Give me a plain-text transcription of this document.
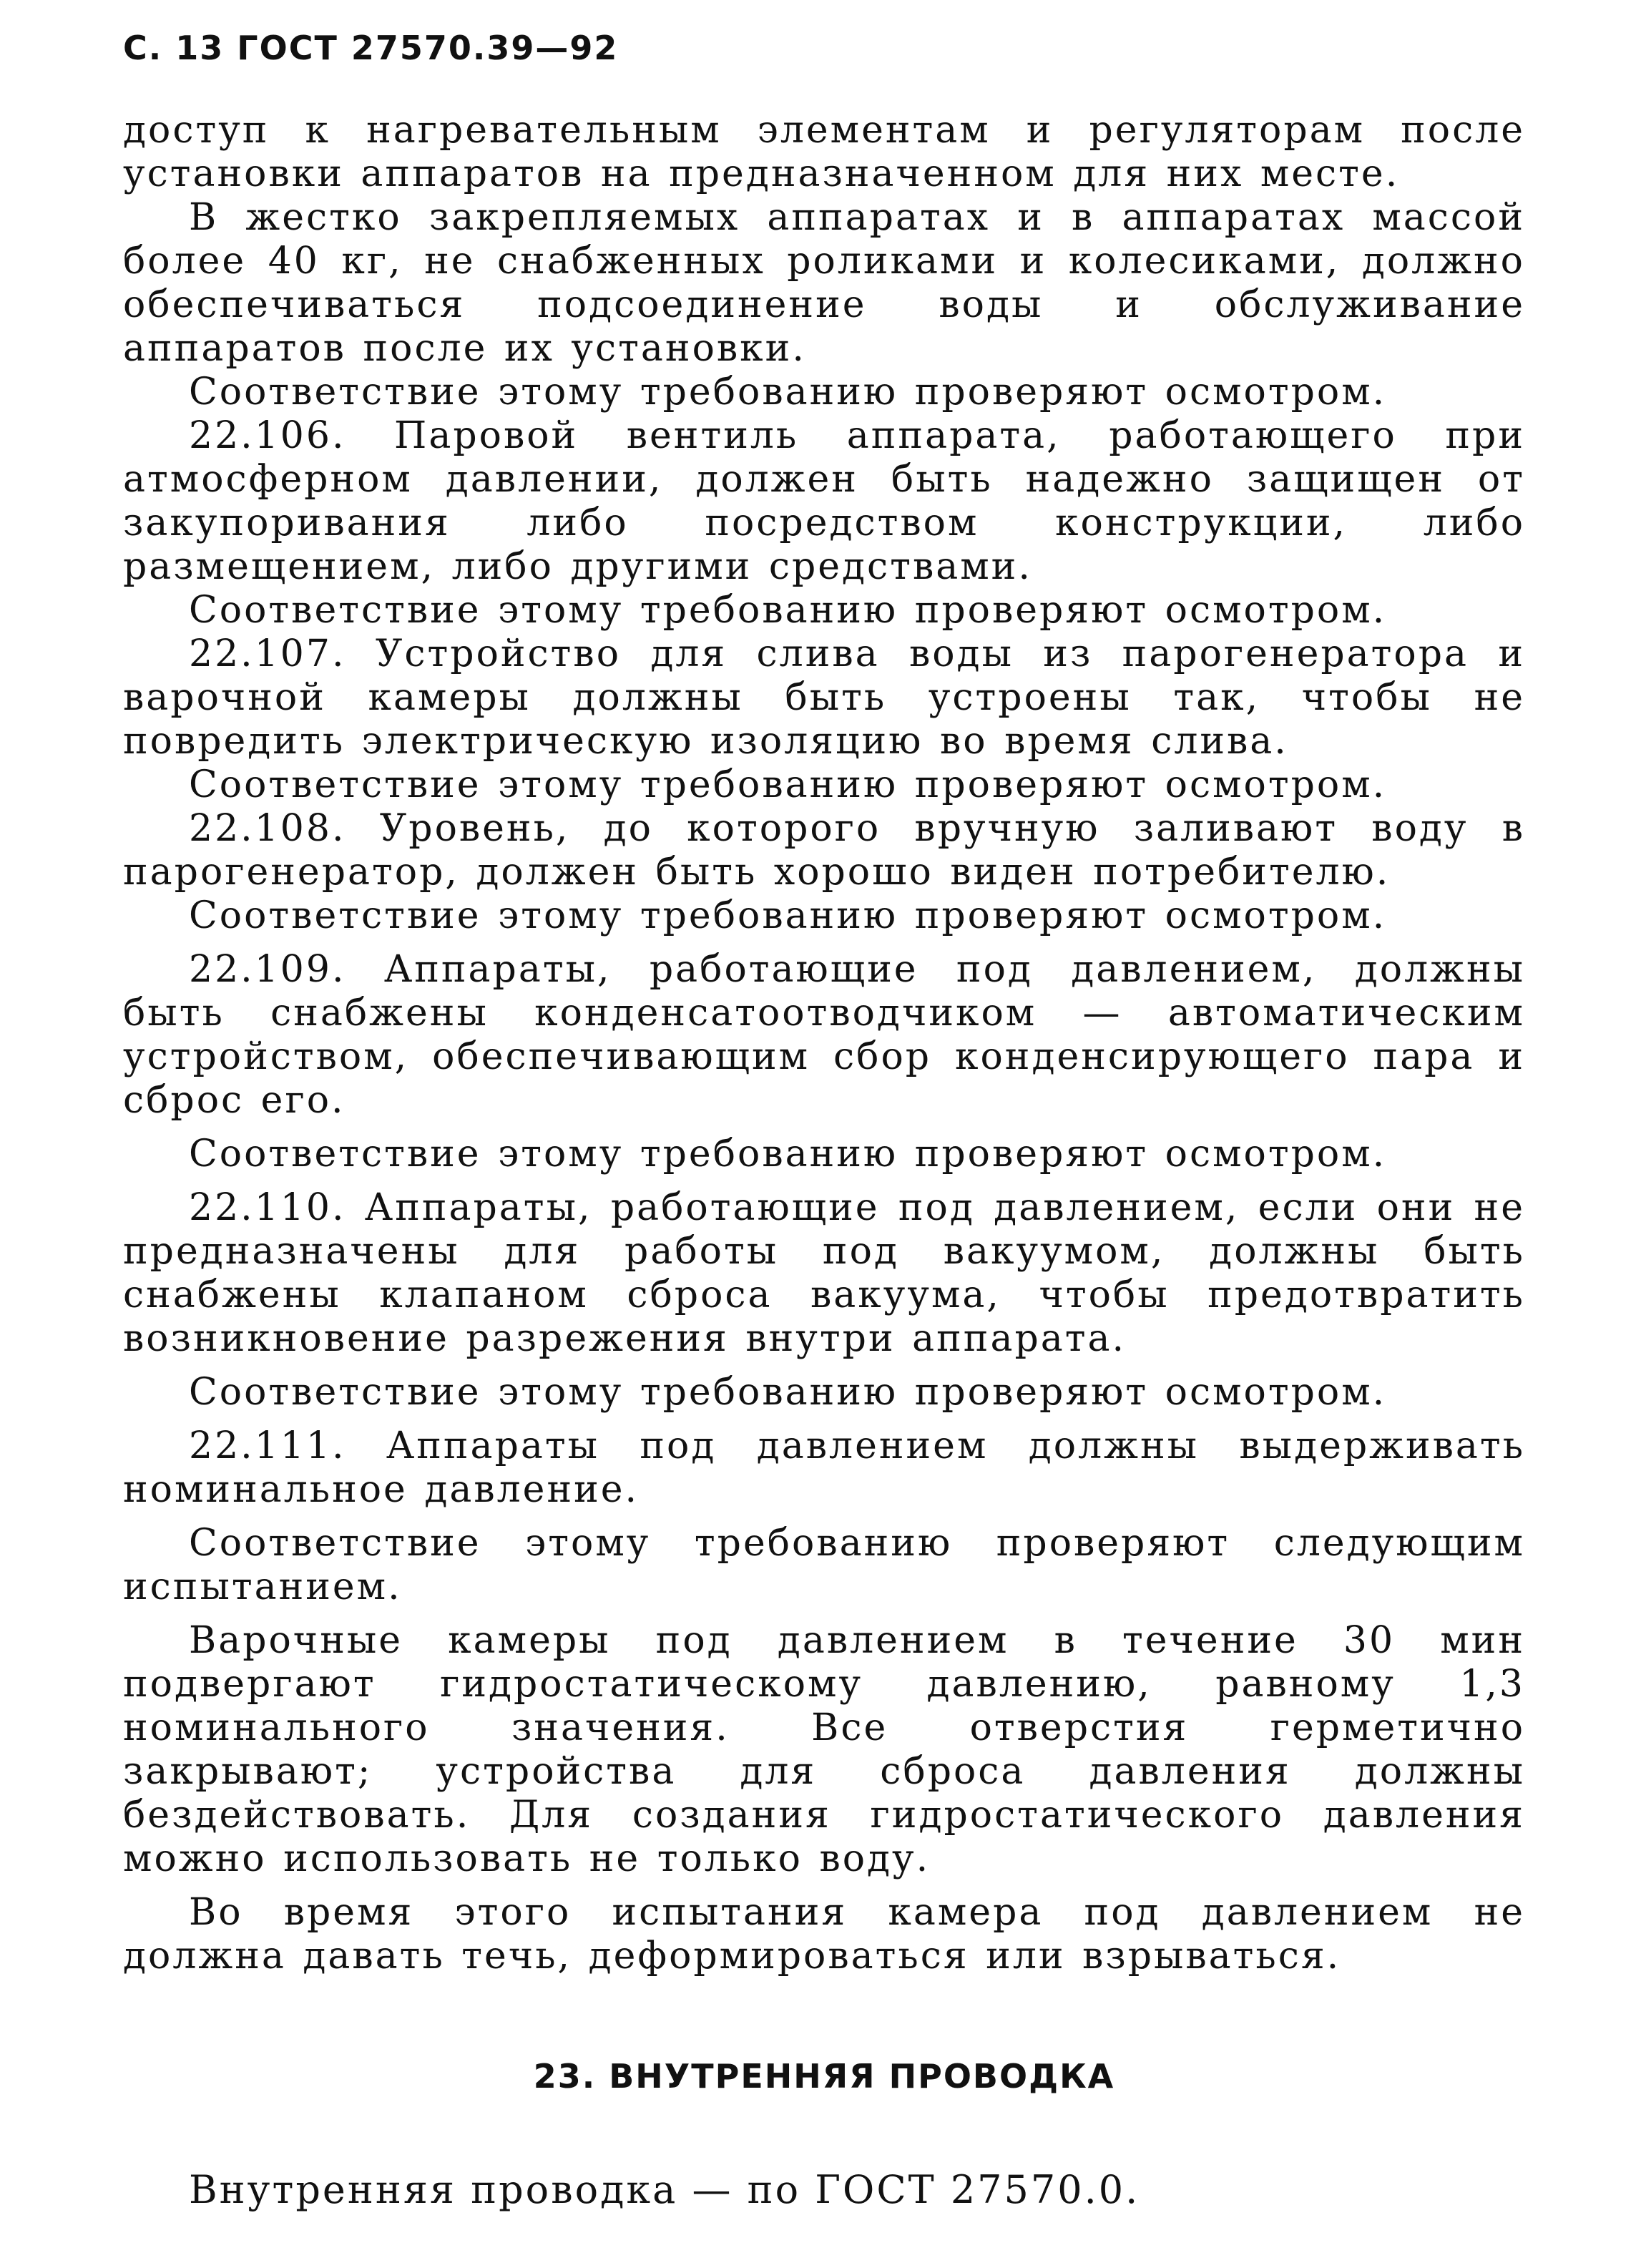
С. 13 ГОСТ 27570.39—92

доступ к нагревательным элементам и регуляторам после установки аппаратов на предназначенном для них месте.

В жестко закрепляемых аппаратах и в аппаратах массой более 40 кг, не снабженных роликами и колесиками, должно обеспечиваться подсоединение воды и обслуживание аппаратов после их установки.

Соответствие этому требованию проверяют осмотром.

22.106. Паровой вентиль аппарата, работающего при атмосферном давлении, должен быть надежно защищен от закупоривания либо посредством конструкции, либо размещением, либо другими средствами.

Соответствие этому требованию проверяют осмотром.

22.107. Устройство для слива воды из парогенератора и варочной камеры должны быть устроены так, чтобы не повредить электрическую изоляцию во время слива.

Соответствие этому требованию проверяют осмотром.

22.108. Уровень, до которого вручную заливают воду в парогенератор, должен быть хорошо виден потребителю.

Соответствие этому требованию проверяют осмотром.

22.109. Аппараты, работающие под давлением, должны быть снабжены конденсатоотводчиком — автоматическим устройством, обеспечивающим сбор конденсирующего пара и сброс его.

Соответствие этому требованию проверяют осмотром.

22.110. Аппараты, работающие под давлением, если они не предназначены для работы под вакуумом, должны быть снабжены клапаном сброса вакуума, чтобы предотвратить возникновение разрежения внутри аппарата.

Соответствие этому требованию проверяют осмотром.

22.111. Аппараты под давлением должны выдерживать номинальное давление.

Соответствие этому требованию проверяют следующим испытанием.

Варочные камеры под давлением в течение 30 мин подвергают гидростатическому давлению, равному 1,3 номинального значения. Все отверстия герметично закрывают; устройства для сброса давления должны бездействовать. Для создания гидростатического давления можно использовать не только воду.

Во время этого испытания камера под давлением не должна давать течь, деформироваться или взрываться.

23. ВНУТРЕННЯЯ ПРОВОДКА
Внутренняя проводка — по ГОСТ 27570.0.
